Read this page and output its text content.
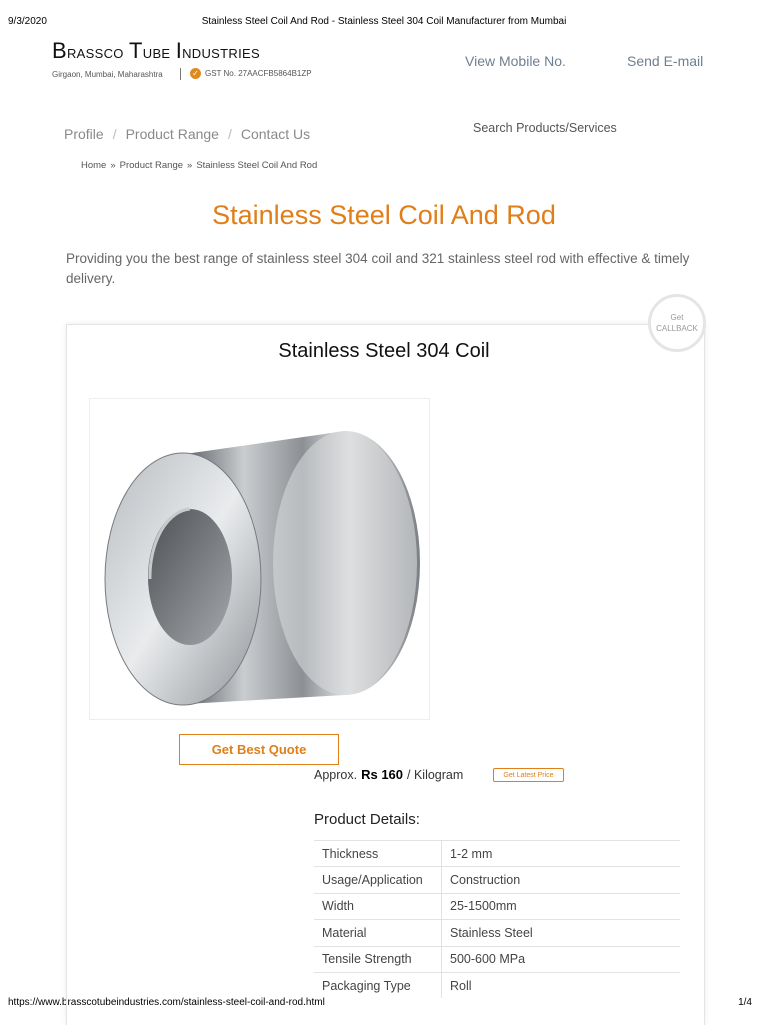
9/3/2020	Stainless Steel Coil And Rod - Stainless Steel 304 Coil Manufacturer from Mumbai
https://www.brasscotubeindustries.com/stainless-steel-coil-and-rod.html	1/4
Brassco Tube Industries
Girgaon, Mumbai, Maharashtra	✓ GST No. 27AACFB5864B1ZP
View Mobile No.	Send E-mail
Profile / Product Range / Contact Us
Search Products/Services
Home » Product Range » Stainless Steel Coil And Rod
Stainless Steel Coil And Rod

Providing you the best range of stainless steel 304 coil and 321 stainless steel rod with effective & timely delivery.

Stainless Steel 304 Coil
Get
CALLBACK
Get Best Quote
Approx. Rs 160 / Kilogram	Get Latest Price
Product Details:
Thickness	1-2 mm
Usage/Application	Construction
Width	25-1500mm
Material	Stainless Steel
Tensile Strength	500-600 MPa
Packaging Type	Roll
